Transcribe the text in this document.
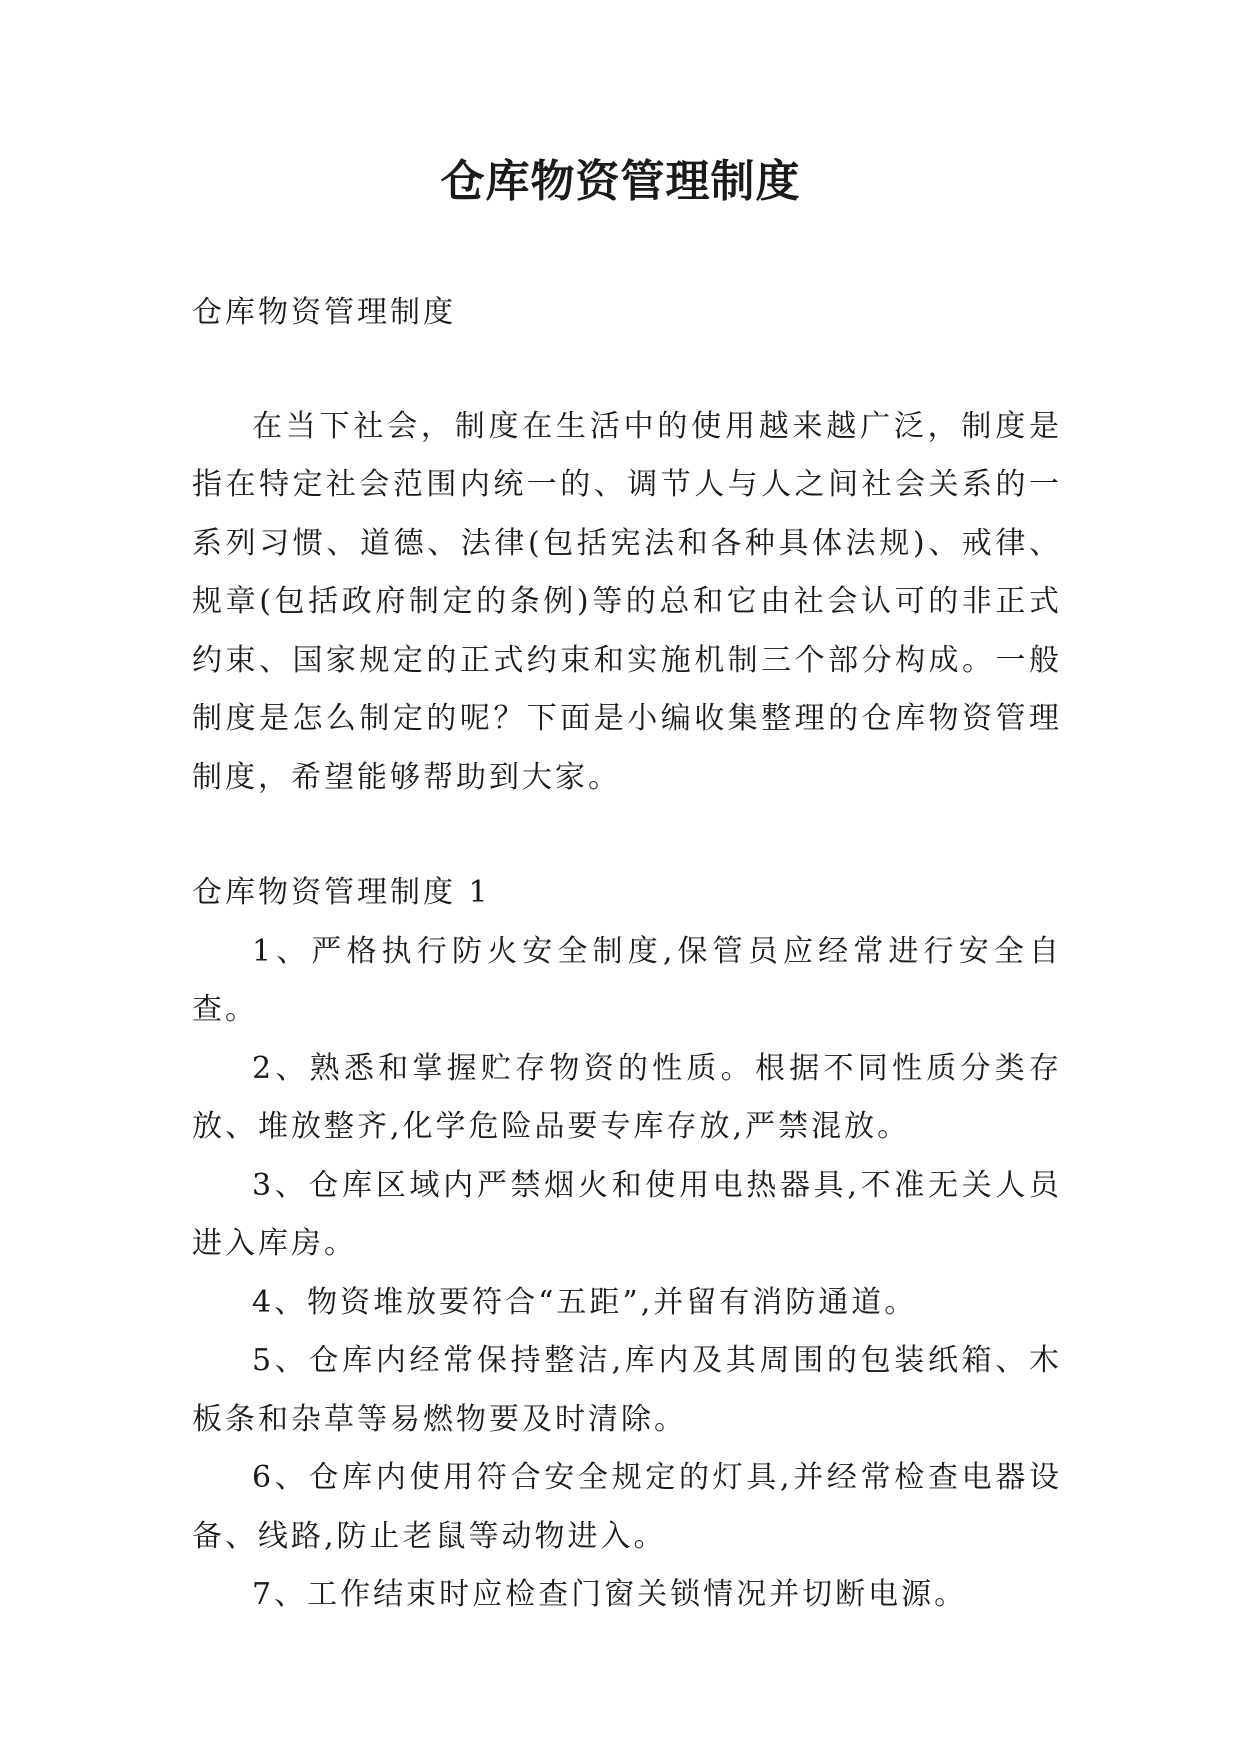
仓库物资管理制度

仓库物资管理制度

在当下社会，制度在生活中的使用越来越广泛，制度是指在特定社会范围内统一的、调节人与人之间社会关系的一系列习惯、道德、法律(包括宪法和各种具体法规)、戒律、规章(包括政府制定的条例)等的总和它由社会认可的非正式约束、国家规定的正式约束和实施机制三个部分构成。一般制度是怎么制定的呢？下面是小编收集整理的仓库物资管理制度，希望能够帮助到大家。

仓库物资管理制度 1

1、严格执行防火安全制度,保管员应经常进行安全自查。

2、熟悉和掌握贮存物资的性质。根据不同性质分类存放、堆放整齐,化学危险品要专库存放,严禁混放。

3、仓库区域内严禁烟火和使用电热器具,不准无关人员进入库房。

4、物资堆放要符合“五距”,并留有消防通道。

5、仓库内经常保持整洁,库内及其周围的包装纸箱、木板条和杂草等易燃物要及时清除。

6、仓库内使用符合安全规定的灯具,并经常检查电器设备、线路,防止老鼠等动物进入。

7、工作结束时应检查门窗关锁情况并切断电源。
